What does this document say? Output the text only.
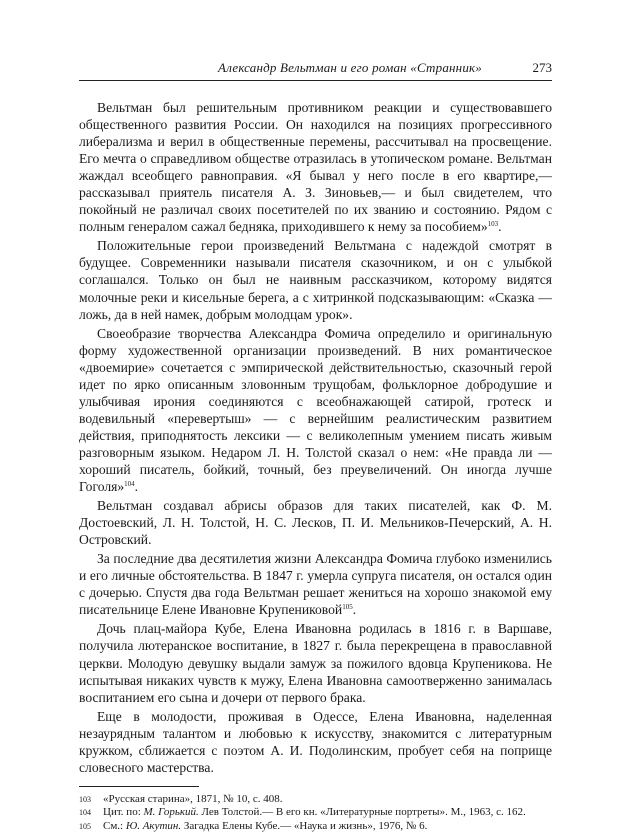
Александр Вельтман и его роман «Странник»	273

Вельтман был решительным противником реакции и существовавшего общественного развития России. Он находился на позициях прогрессивного либерализма и верил в общественные перемены, рассчитывал на просвещение. Его мечта о справедливом обществе отразилась в утопическом романе. Вельтман жаждал всеобщего равноправия. «Я бывал у него после в его квартире,— рассказывал приятель писателя А. З. Зиновьев,— и был свидетелем, что покойный не различал своих посетителей по их званию и состоянию. Рядом с полным генералом сажал бедняка, приходившего к нему за пособием»$^{103}$.

Положительные герои произведений Вельтмана с надеждой смотрят в будущее. Современники называли писателя сказочником, и он с улыбкой соглашался. Только он был не наивным рассказчиком, которому видятся молочные реки и кисельные берега, а с хитринкой подсказывающим: «Сказка — ложь, да в ней намек, добрым молодцам урок».

Своеобразие творчества Александра Фомича определило и оригинальную форму художественной организации произведений. В них романтическое «двоемирие» сочетается с эмпирической действительностью, сказочный герой идет по ярко описанным зловонным трущобам, фольклорное добродушие и улыбчивая ирония соединяются с всеобнажающей сатирой, гротеск и водевильный «перевертыш» — с вернейшим реалистическим развитием действия, приподнятость лексики — с великолепным умением писать живым разговорным языком. Недаром Л. Н. Толстой сказал о нем: «Не правда ли — хороший писатель, бойкий, точный, без преувеличений. Он иногда лучше Гоголя»$^{104}$.

Вельтман создавал абрисы образов для таких писателей, как Ф. М. Достоевский, Л. Н. Толстой, Н. С. Лесков, П. И. Мельников-Печерский, А. Н. Островский.

За последние два десятилетия жизни Александра Фомича глубоко изменились и его личные обстоятельства. В 1847 г. умерла супруга писателя, он остался один с дочерью. Спустя два года Вельтман решает жениться на хорошо знакомой ему писательнице Елене Ивановне Крупениковой$^{105}$.

Дочь плац-майора Кубе, Елена Ивановна родилась в 1816 г. в Варшаве, получила лютеранское воспитание, в 1827 г. была перекрещена в православной церкви. Молодую девушку выдали замуж за пожилого вдовца Крупеникова. Не испытывая никаких чувств к мужу, Елена Ивановна самоотверженно занималась воспитанием его сына и дочери от первого брака.

Еще в молодости, проживая в Одессе, Елена Ивановна, наделенная незаурядным талантом и любовью к искусству, знакомится с литературным кружком, сближается с поэтом А. И. Подолинским, пробует себя на поприще словесного мастерства.

103 «Русская старина», 1871, № 10, с. 408.
104 Цит. по: М. Горький. Лев Толстой.— В его кн. «Литературные портреты». М., 1963, с. 162.
105 См.: Ю. Акутин. Загадка Елены Кубе.— «Наука и жизнь», 1976, № 6.
